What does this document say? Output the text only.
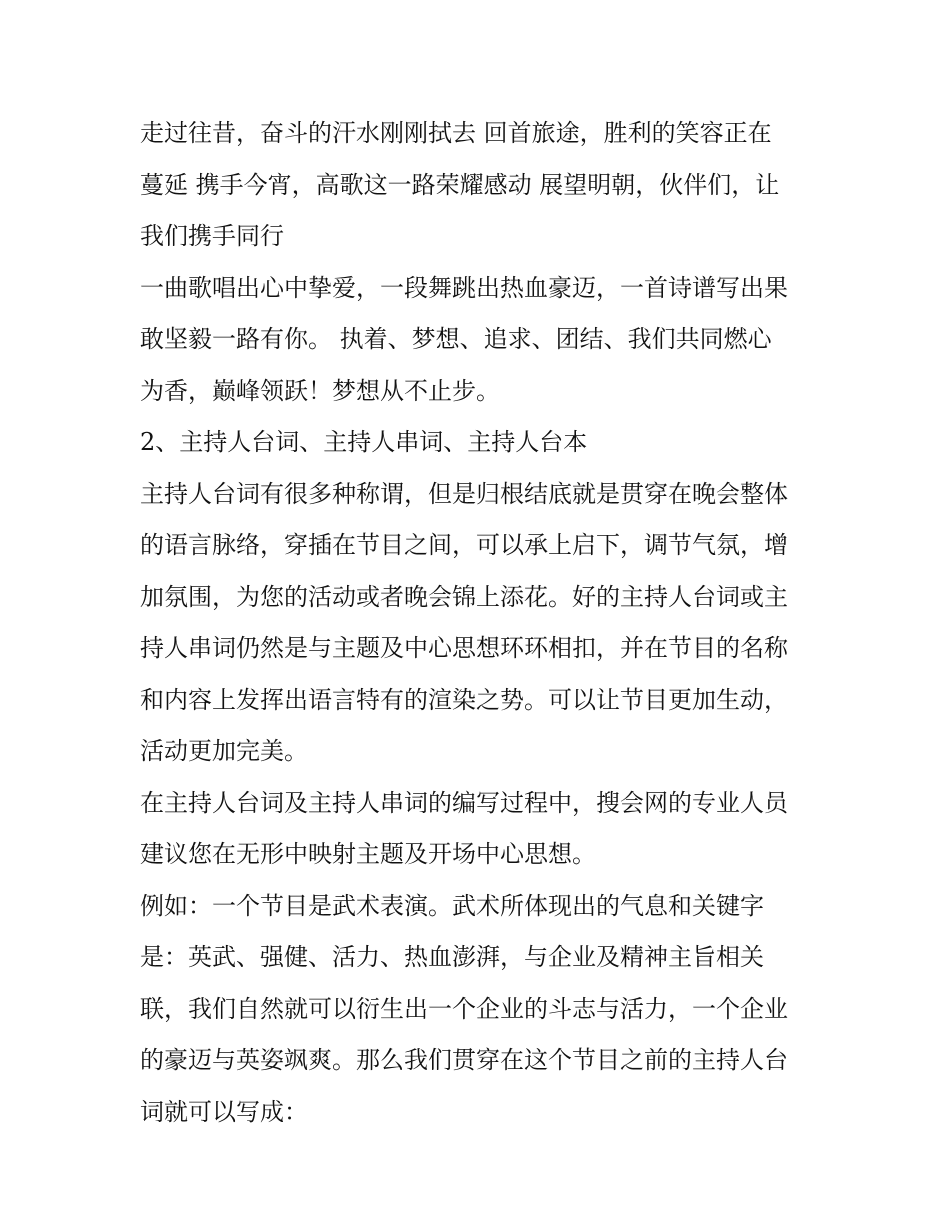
走过往昔，奋斗的汗水刚刚拭去 回首旅途，胜利的笑容正在
蔓延 携手今宵，高歌这一路荣耀感动 展望明朝，伙伴们，让
我们携手同行
一曲歌唱出心中挚爱，一段舞跳出热血豪迈，一首诗谱写出果
敢坚毅一路有你。 执着、梦想、追求、团结、我们共同燃心
为香，巅峰领跃！梦想从不止步。
2、主持人台词、主持人串词、主持人台本
主持人台词有很多种称谓，但是归根结底就是贯穿在晚会整体
的语言脉络，穿插在节目之间，可以承上启下，调节气氛，增
加氛围，为您的活动或者晚会锦上添花。好的主持人台词或主
持人串词仍然是与主题及中心思想环环相扣，并在节目的名称
和内容上发挥出语言特有的渲染之势。可以让节目更加生动，
活动更加完美。
在主持人台词及主持人串词的编写过程中，搜会网的专业人员
建议您在无形中映射主题及开场中心思想。
例如：一个节目是武术表演。武术所体现出的气息和关键字
是：英武、强健、活力、热血澎湃，与企业及精神主旨相关
联，我们自然就可以衍生出一个企业的斗志与活力，一个企业
的豪迈与英姿飒爽。那么我们贯穿在这个节目之前的主持人台
词就可以写成：
